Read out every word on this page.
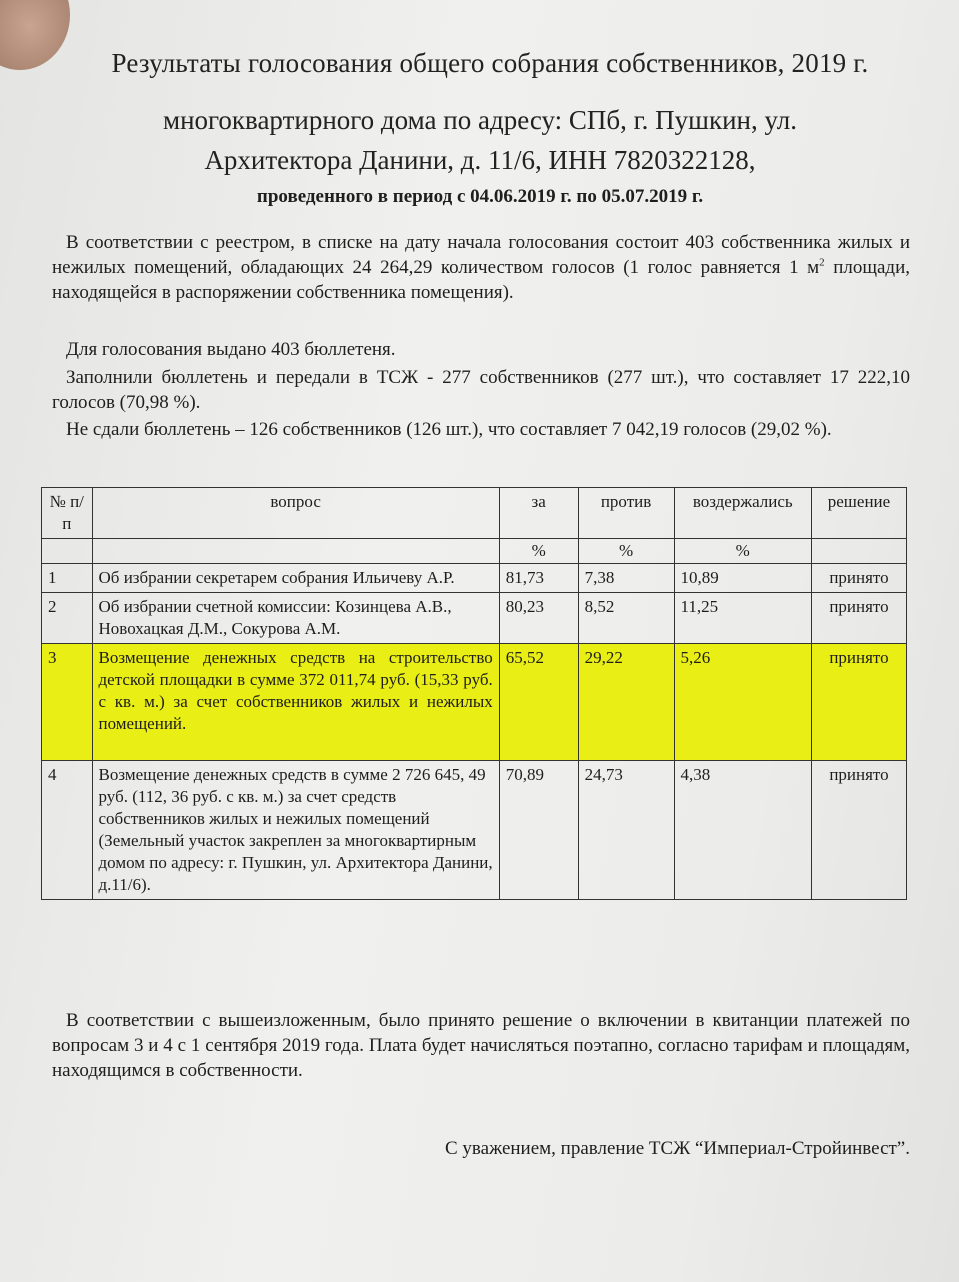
Результаты голосования общего собрания собственников, 2019 г.
многоквартирного дома по адресу: СПб, г. Пушкин, ул.
Архитектора Данини, д. 11/6, ИНН 7820322128,
проведенного в период с 04.06.2019 г. по 05.07.2019 г.
В соответствии с реестром, в списке на дату начала голосования состоит 403 собственника жилых и нежилых помещений, обладающих 24 264,29 количеством голосов (1 голос равняется 1 $м^2$ площади, находящейся в распоряжении собственника помещения).
Для голосования выдано 403 бюллетеня.
Заполнили бюллетень и передали в ТСЖ - 277 собственников (277 шт.), что составляет 17 222,10 голосов (70,98 %).
Не сдали бюллетень – 126 собственников (126 шт.), что составляет 7 042,19 голосов (29,02 %).
№ п/п	вопрос	за	против	воздержались	решение
		%	%	%	
1	Об избрании секретарем собрания Ильичеву А.Р.	81,73	7,38	10,89	принято
2	Об избрании счетной комиссии: Козинцева А.В., Новохацкая Д.М., Сокурова А.М.	80,23	8,52	11,25	принято
3	Возмещение денежных средств на строительство детской площадки в сумме 372 011,74 руб. (15,33 руб. с кв. м.) за счет собственников жилых и нежилых помещений.	65,52	29,22	5,26	принято
4	Возмещение денежных средств в сумме 2 726 645, 49 руб. (112, 36 руб. с кв. м.) за счет средств собственников жилых и нежилых помещений (Земельный участок закреплен за многоквартирным домом по адресу: г. Пушкин, ул. Архитектора Данини, д.11/6).	70,89	24,73	4,38	принято
В соответствии с вышеизложенным, было принято решение о включении в квитанции платежей по вопросам 3 и 4 с 1 сентября 2019 года. Плата будет начисляться поэтапно, согласно тарифам и площадям, находящимся в собственности.
С уважением, правление ТСЖ “Империал-Стройинвест”.
